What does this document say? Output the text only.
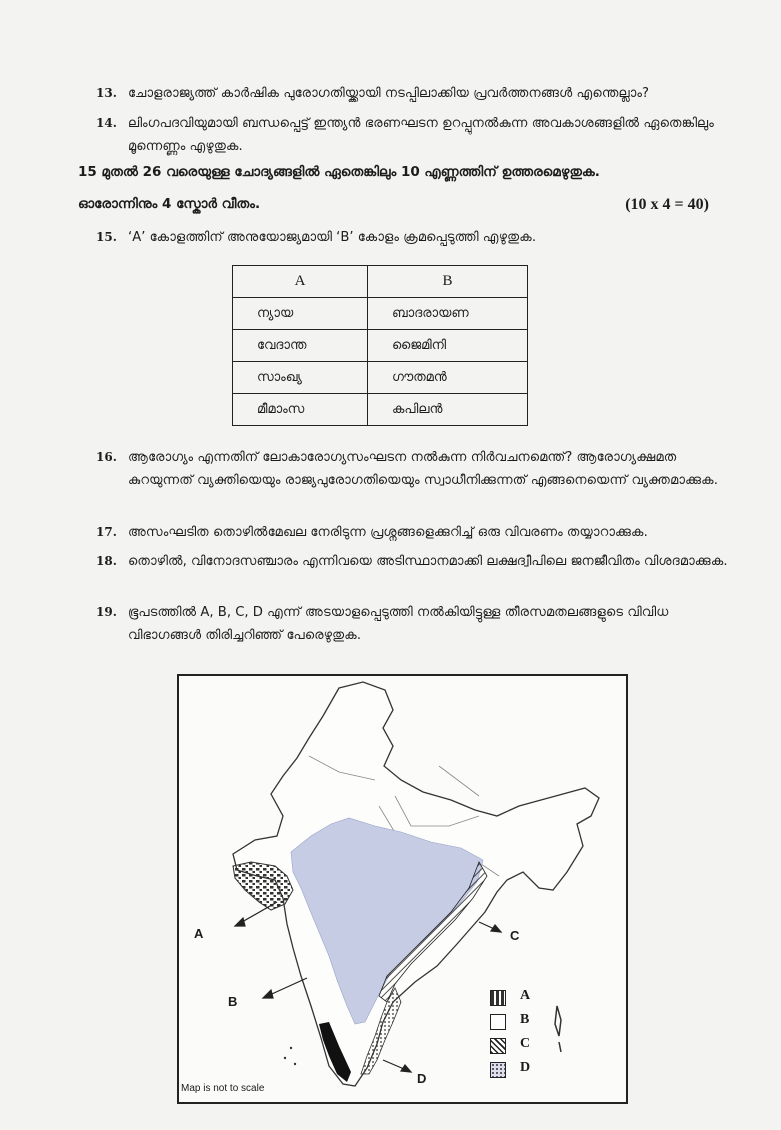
13. ചോളരാജ്യത്ത് കാർഷിക പുരോഗതിയ്ക്കായി നടപ്പിലാക്കിയ പ്രവർത്തനങ്ങൾ എന്തെല്ലാം?
14. ലിംഗപദവിയുമായി ബന്ധപ്പെട്ട് ഇന്ത്യൻ ഭരണഘടന ഉറപ്പുനൽകുന്ന അവകാശങ്ങളിൽ ഏതെങ്കിലും മൂന്നെണ്ണം എഴുതുക.
15 മുതൽ 26 വരെയുള്ള ചോദ്യങ്ങളിൽ ഏതെങ്കിലും 10 എണ്ണത്തിന് ഉത്തരമെഴുതുക.
ഓരോന്നിനും 4 സ്കോർ വീതം.	(10 x 4 = 40)
15. ‘A’ കോളത്തിന് അനുയോജ്യമായി ‘B’ കോളം ക്രമപ്പെടുത്തി എഴുതുക.
A	B
ന്യായ	ബാദരായണ
വേദാന്ത	ജൈമിനി
സാംഖ്യ	ഗൗതമൻ
മീമാംസ	കപിലൻ
16. ആരോഗ്യം എന്നതിന് ലോകാരോഗ്യസംഘടന നൽകുന്ന നിർവചനമെന്ത്? ആരോഗ്യക്ഷമത കുറയുന്നത് വ്യക്തിയെയും രാജ്യപുരോഗതിയെയും സ്വാധീനിക്കുന്നത് എങ്ങനെയെന്ന് വ്യക്തമാക്കുക.
17. അസംഘടിത തൊഴിൽമേഖല നേരിടുന്ന പ്രശ്നങ്ങളെക്കുറിച്ച് ഒരു വിവരണം തയ്യാറാക്കുക.
18. തൊഴിൽ, വിനോദസഞ്ചാരം എന്നിവയെ അടിസ്ഥാനമാക്കി ലക്ഷദ്വീപിലെ ജനജീവിതം വിശദമാക്കുക.
19. ഭൂപടത്തിൽ A, B, C, D എന്ന് അടയാളപ്പെടുത്തി നൽകിയിട്ടുള്ള തീരസമതലങ്ങളുടെ വിവിധ വിഭാഗങ്ങൾ തിരിച്ചറിഞ്ഞ് പേരെഴുതുക.
A
B
C
D
A
B
C
D
Map is not to scale
